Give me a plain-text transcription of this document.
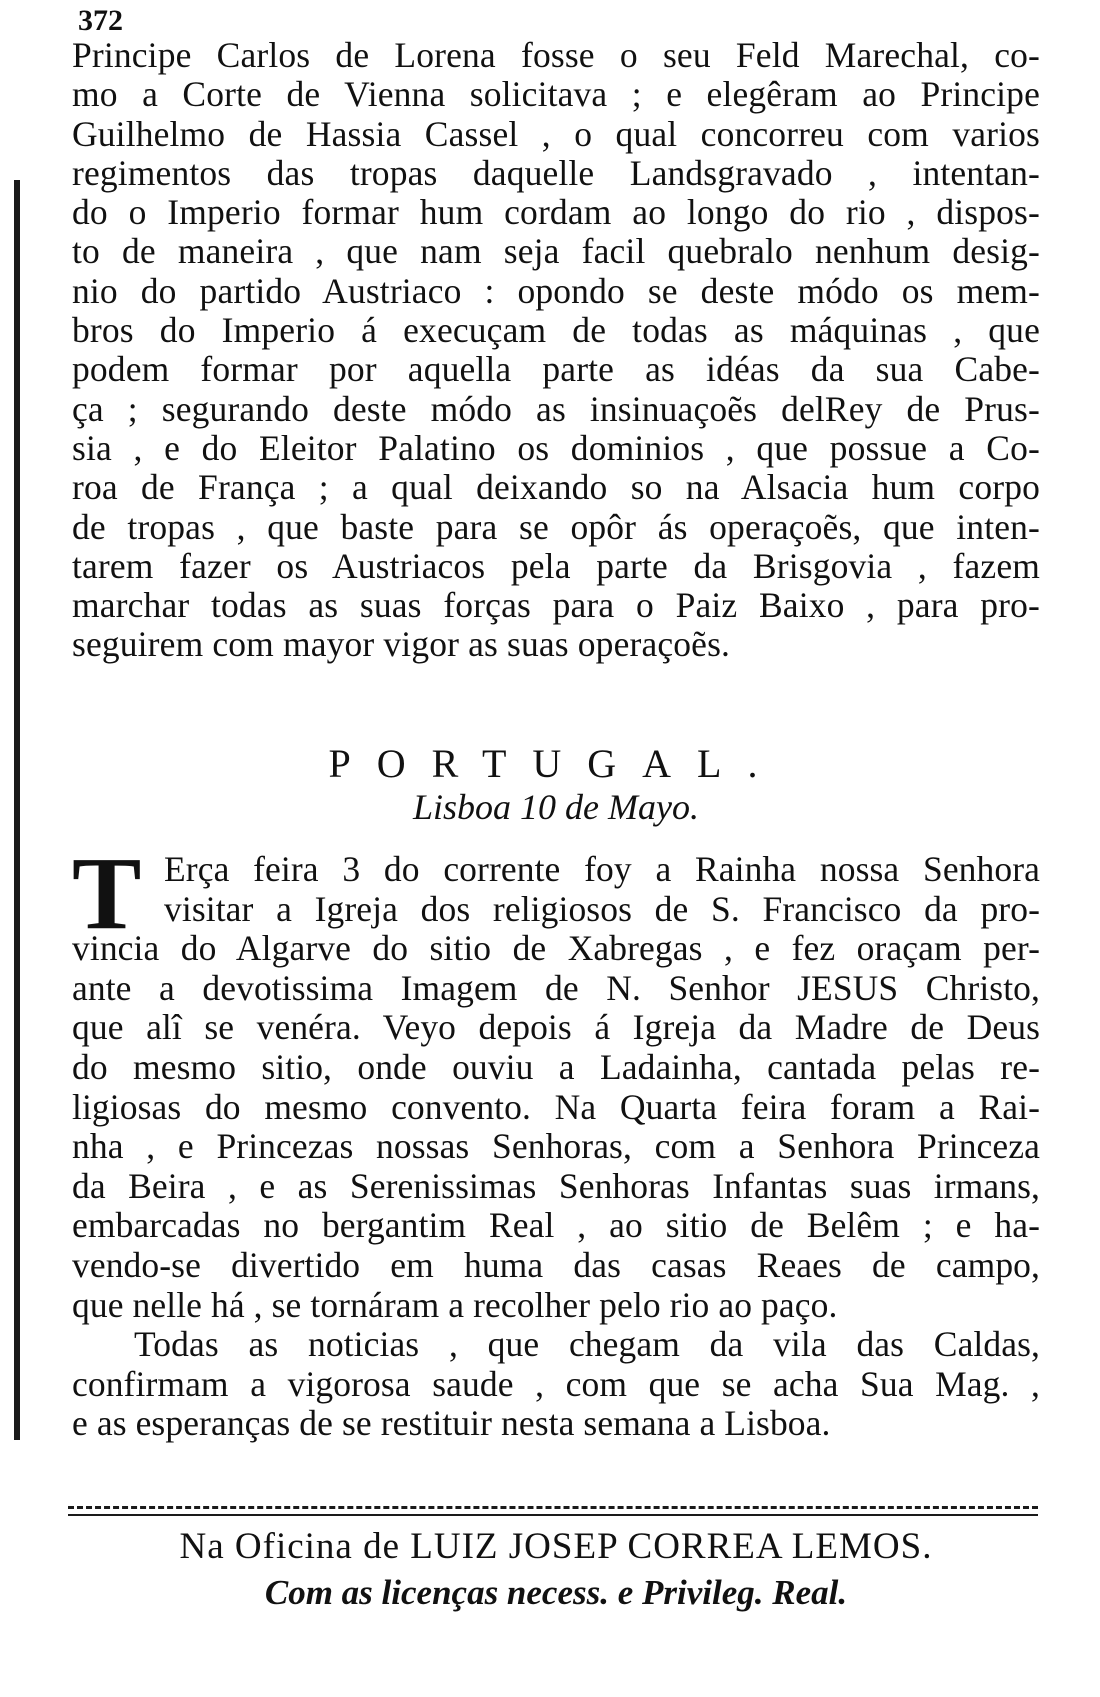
372
Principe Carlos de Lorena fosse o seu Feld Marechal, co-
mo a Corte de Vienna solicitava ; e elegêram ao Principe
Guilhelmo de Hassia Cassel , o qual concorreu com varios
regimentos das tropas daquelle Landsgravado , intentan-
do o Imperio formar hum cordam ao longo do rio , dispos-
to de maneira , que nam seja facil quebralo nenhum desig-
nio do partido Austriaco : opondo se deste módo os mem-
bros do Imperio á execuçam de todas as máquinas , que
podem formar por aquella parte as idéas da sua Cabe-
ça ; segurando deste módo as insinuaçoẽs delRey de Prus-
sia , e do Eleitor Palatino os dominios , que possue a Co-
roa de França ; a qual deixando so na Alsacia hum corpo
de tropas , que baste para se opôr ás operaçoẽs, que inten-
tarem fazer os Austriacos pela parte da Brisgovia , fazem
marchar todas as suas forças para o Paiz Baixo , para pro-
seguirem com mayor vigor as suas operaçoẽs.
PORTUGAL.
Lisboa 10 de Mayo.
T Erça feira 3 do corrente foy a Rainha nossa Senhora
visitar a Igreja dos religiosos de S. Francisco da pro-
vincia do Algarve do sitio de Xabregas , e fez oraçam per-
ante a devotissima Imagem de N. Senhor JESUS Christo,
que alî se venéra. Veyo depois á Igreja da Madre de Deus
do mesmo sitio, onde ouviu a Ladainha, cantada pelas re-
ligiosas do mesmo convento. Na Quarta feira foram a Rai-
nha , e Princezas nossas Senhoras, com a Senhora Princeza
da Beira , e as Serenissimas Senhoras Infantas suas irmans,
embarcadas no bergantim Real , ao sitio de Belêm ; e ha-
vendo-se divertido em huma das casas Reaes de campo,
que nelle há , se tornáram a recolher pelo rio ao paço.
Todas as noticias , que chegam da vila das Caldas,
confirmam a vigorosa saude , com que se acha Sua Mag. ,
e as esperanças de se restituir nesta semana a Lisboa.
Na Oficina de LUIZ JOSEP CORREA LEMOS.
Com as licenças necess. e Privileg. Real.
